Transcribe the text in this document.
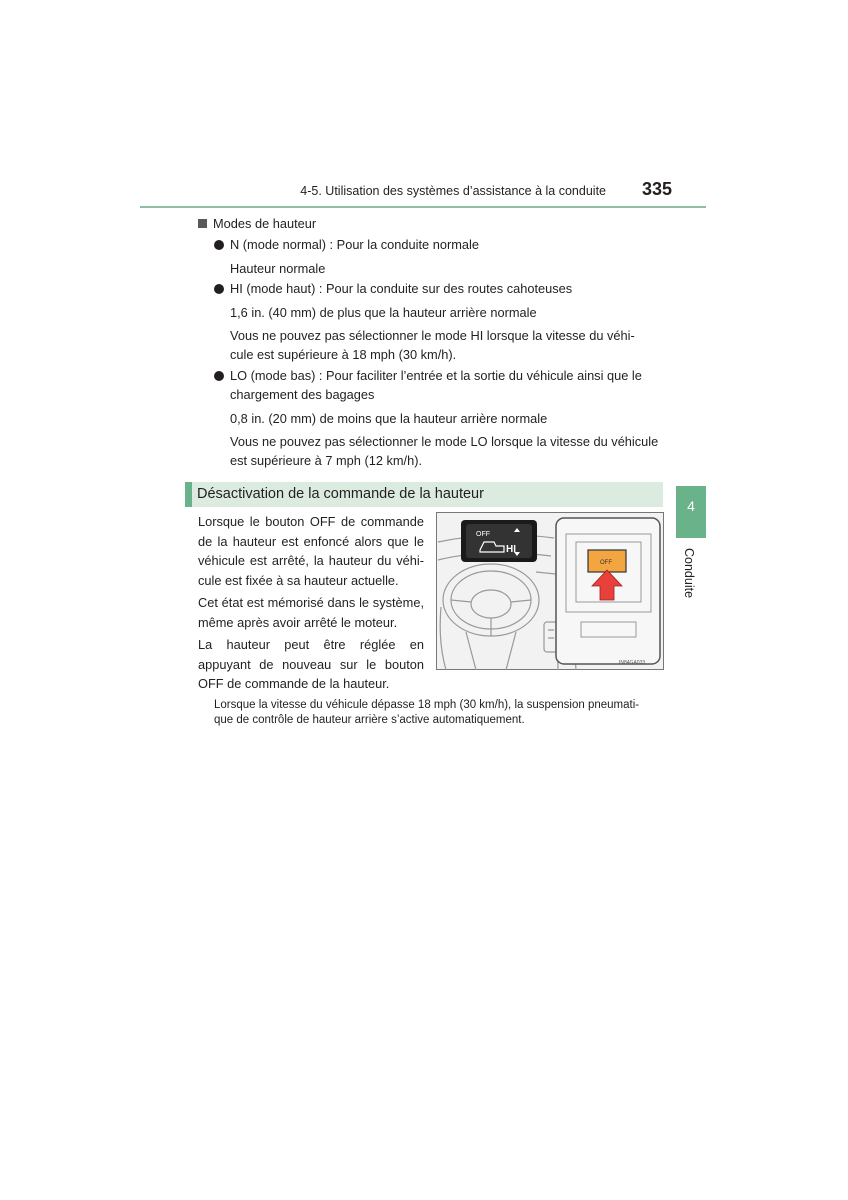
4-5. Utilisation des systèmes d’assistance à la conduite	335
Modes de hauteur
N (mode normal) : Pour la conduite normale
Hauteur normale
HI (mode haut) : Pour la conduite sur des routes cahoteuses
1,6 in. (40 mm) de plus que la hauteur arrière normale
Vous ne pouvez pas sélectionner le mode HI lorsque la vitesse du véhi-
cule est supérieure à 18 mph (30 km/h).
LO (mode bas) : Pour faciliter l’entrée et la sortie du véhicule ainsi que le
chargement des bagages
0,8 in. (20 mm) de moins que la hauteur arrière normale
Vous ne pouvez pas sélectionner le mode LO lorsque la vitesse du véhicule
est supérieure à 7 mph (12 km/h).
Désactivation de la commande de la hauteur
4
Conduite
Lorsque le bouton OFF de commande de la hauteur est enfoncé alors que le véhicule est arrêté, la hauteur du véhi-cule est fixée à sa hauteur actuelle.
Cet état est mémorisé dans le système, même après avoir arrêté le moteur.
La hauteur peut être réglée en appuyant de nouveau sur le bouton OFF de commande de la hauteur.
Lorsque la vitesse du véhicule dépasse 18 mph (30 km/h), la suspension pneumati-
que de contrôle de hauteur arrière s’active automatiquement.
OFF
HI
OFF
IN84GA033
